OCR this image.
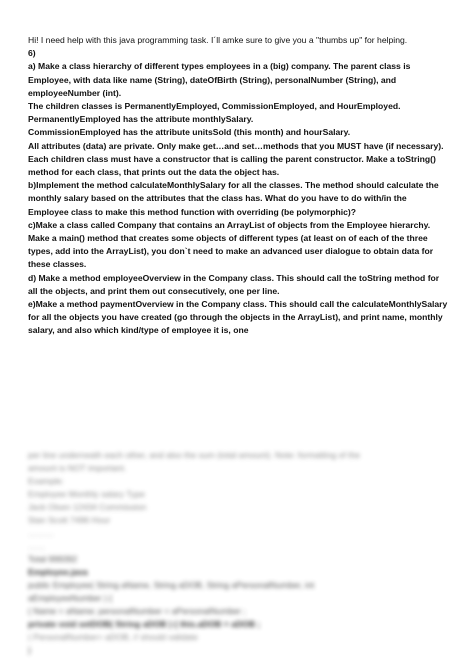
Hi! I need help with this java programming task. I´ll amke sure to give you a "thumbs up" for helping.

6)

a) Make a class hierarchy of different types employees in a (big) company. The parent class is Employee, with data like name (String), dateOfBirth (String), personalNumber (String), and employeeNumber (int).

The children classes is PermanentlyEmployed, CommissionEmployed, and HourEmployed.

PermanentlyEmployed has the attribute monthlySalary.

CommissionEmployed has the attribute unitsSold (this month) and hourSalary.

All attributes (data) are private. Only make get…and set…methods that you MUST have (if necessary).

Each children class must have a constructor that is calling the parent constructor. Make a toString() method for each class, that prints out the data the object has.

b)Implement the method calculateMonthlySalary for all the classes. The method should calculate the monthly salary based on the attributes that the class has. What do you have to do with/in the Employee class to make this method function with overriding (be polymorphic)?

c)Make a class called Company that contains an ArrayList of objects from the Employee hierarchy. Make a main() method that creates some objects of different types (at least on of each of the three types, add into the ArrayList), you don`t need to make an advanced user dialogue to obtain data for these classes.

d) Make a method employeeOverview in the Company class. This should call the toString method for all the objects, and print them out consecutively, one per line.

e)Make a method paymentOverview in the Company class. This should call the calculateMonthlySalary for all the objects you have created (go through the objects in the ArrayList), and print name, monthly salary, and also which kind/type of employee it is, one

per line underneath each other, and also the sum (total amount). Note: formatting of the

amount is NOT important.

Example:

Employee Monthly salary Type

Jack Olsen 12434 Commission

Stan Scott 7496 Hour

………

……

Total 999392

Employee.java

public Employee( String aName, String aDOB, String aPersonalNumber, int

aEmployeeNumber ) {

( Name = aName; personalNumber = aPersonalNumber ;

private void setDOB( String aDOB ) { this.aDOB = aDOB ;

( PersonalNumber= aDOB, // should validate

}
